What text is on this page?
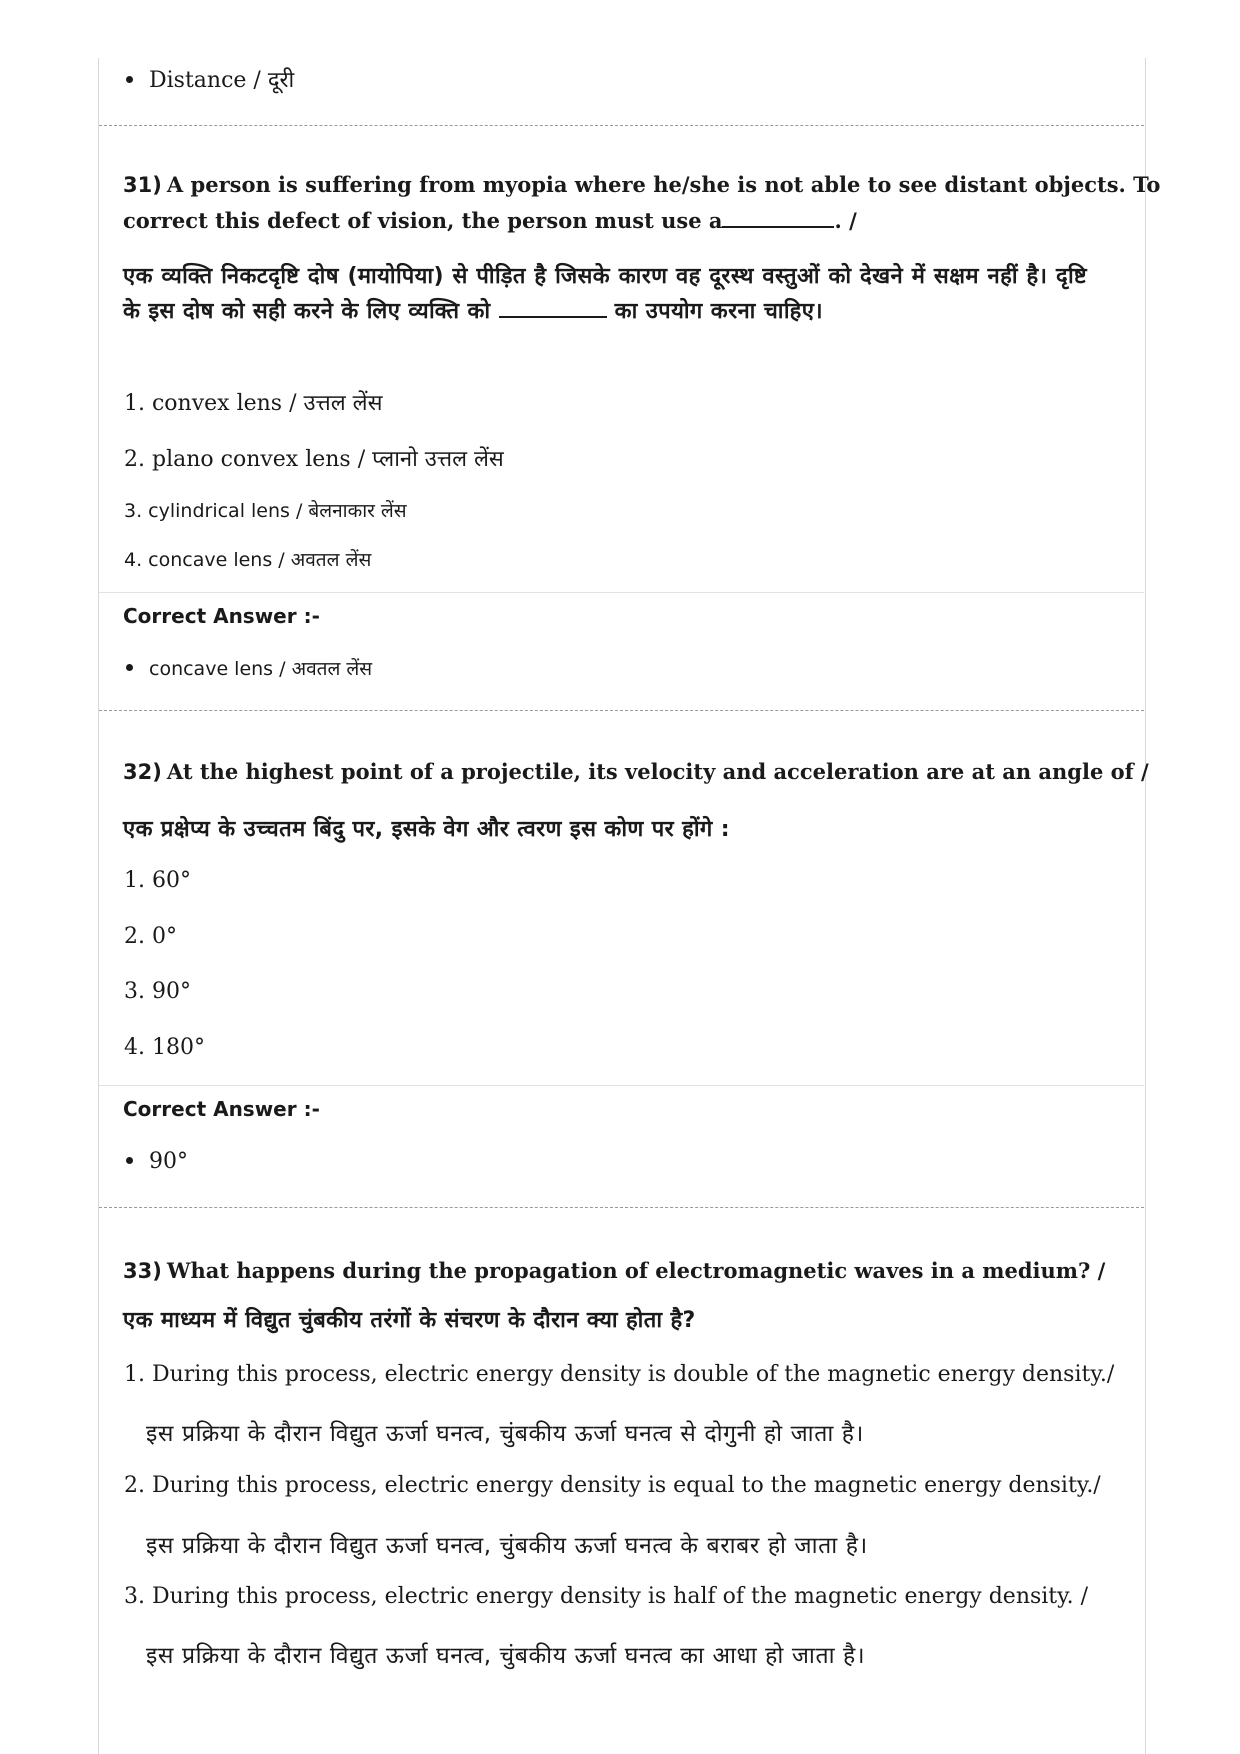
Distance / दूरी
31) A person is suffering from myopia where he/she is not able to see distant objects. To
correct this defect of vision, the person must use a	. /
एक व्यक्ति निकटदृष्टि दोष (मायोपिया) से पीड़ित है जिसके कारण वह दूरस्थ वस्तुओं को देखने में सक्षम नहीं है। दृष्टि के इस दोष को सही करने के लिए व्यक्ति को	का उपयोग करना चाहिए।
1. convex lens / उत्तल लेंस
2. plano convex lens / प्लानो उत्तल लेंस
3. cylindrical lens / बेलनाकार लेंस
4. concave lens / अवतल लेंस
Correct Answer :-
concave lens / अवतल लेंस
32) At the highest point of a projectile, its velocity and acceleration are at an angle of /
एक प्रक्षेप्य के उच्चतम बिंदु पर, इसके वेग और त्वरण इस कोण पर होंगे :
1. 60°
2. 0°
3. 90°
4. 180°
Correct Answer :-
90°
33) What happens during the propagation of electromagnetic waves in a medium? /
एक माध्यम में विद्युत चुंबकीय तरंगों के संचरण के दौरान क्या होता है?
1. During this process, electric energy density is double of the magnetic energy density./
इस प्रक्रिया के दौरान विद्युत ऊर्जा घनत्व, चुंबकीय ऊर्जा घनत्व से दोगुनी हो जाता है।
2. During this process, electric energy density is equal to the magnetic energy density./
इस प्रक्रिया के दौरान विद्युत ऊर्जा घनत्व, चुंबकीय ऊर्जा घनत्व के बराबर हो जाता है।
3. During this process, electric energy density is half of the magnetic energy density. /
इस प्रक्रिया के दौरान विद्युत ऊर्जा घनत्व, चुंबकीय ऊर्जा घनत्व का आधा हो जाता है।
